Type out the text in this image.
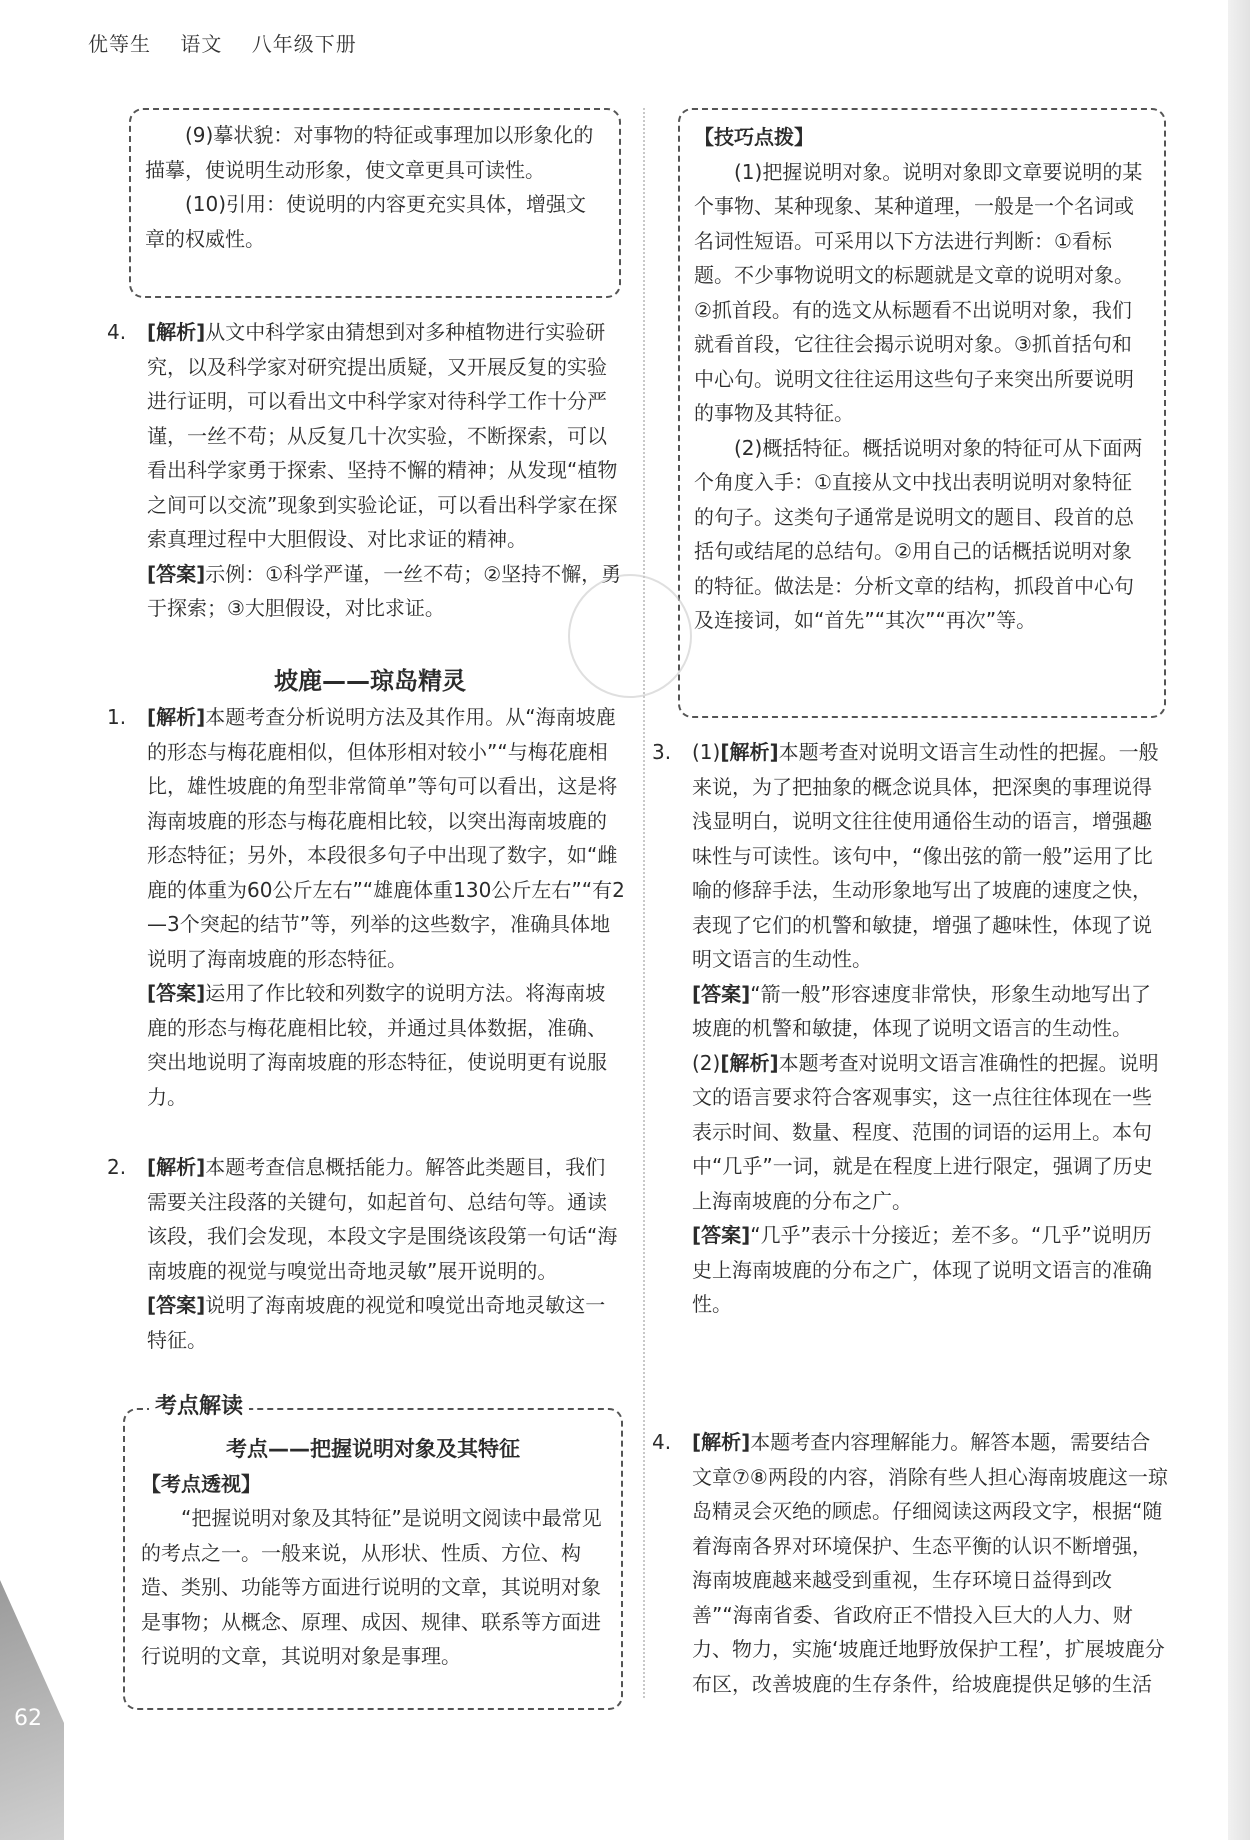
优等生 语文 八年级下册

(9)摹状貌：对事物的特征或事理加以形象化的描摹，使说明生动形象，使文章更具可读性。

(10)引用：使说明的内容更充实具体，增强文章的权威性。

4. [解析]从文中科学家由猜想到对多种植物进行实验研究，以及科学家对研究提出质疑，又开展反复的实验进行证明，可以看出文中科学家对待科学工作十分严谨，一丝不苟；从反复几十次实验，不断探索，可以看出科学家勇于探索、坚持不懈的精神；从发现“植物之间可以交流”现象到实验论证，可以看出科学家在探索真理过程中大胆假设、对比求证的精神。

[答案]示例：①科学严谨，一丝不苟；②坚持不懈，勇于探索；③大胆假设，对比求证。

坡鹿——琼岛精灵
1. [解析]本题考查分析说明方法及其作用。从“海南坡鹿的形态与梅花鹿相似，但体形相对较小”“与梅花鹿相比，雄性坡鹿的角型非常简单”等句可以看出，这是将海南坡鹿的形态与梅花鹿相比较，以突出海南坡鹿的形态特征；另外，本段很多句子中出现了数字，如“雌鹿的体重为60公斤左右”“雄鹿体重130公斤左右”“有2—3个突起的结节”等，列举的这些数字，准确具体地说明了海南坡鹿的形态特征。

[答案]运用了作比较和列数字的说明方法。将海南坡鹿的形态与梅花鹿相比较，并通过具体数据，准确、突出地说明了海南坡鹿的形态特征，使说明更有说服力。

2. [解析]本题考查信息概括能力。解答此类题目，我们需要关注段落的关键句，如起首句、总结句等。通读该段，我们会发现，本段文字是围绕该段第一句话“海南坡鹿的视觉与嗅觉出奇地灵敏”展开说明的。

[答案]说明了海南坡鹿的视觉和嗅觉出奇地灵敏这一特征。

考点——把握说明对象及其特征
【考点透视】

“把握说明对象及其特征”是说明文阅读中最常见的考点之一。一般来说，从形状、性质、方位、构造、类别、功能等方面进行说明的文章，其说明对象是事物；从概念、原理、成因、规律、联系等方面进行说明的文章，其说明对象是事理。

考点解读
【技巧点拨】

(1)把握说明对象。说明对象即文章要说明的某个事物、某种现象、某种道理，一般是一个名词或名词性短语。可采用以下方法进行判断：①看标题。不少事物说明文的标题就是文章的说明对象。②抓首段。有的选文从标题看不出说明对象，我们就看首段，它往往会揭示说明对象。③抓首括句和中心句。说明文往往运用这些句子来突出所要说明的事物及其特征。

(2)概括特征。概括说明对象的特征可从下面两个角度入手：①直接从文中找出表明说明对象特征的句子。这类句子通常是说明文的题目、段首的总括句或结尾的总结句。②用自己的话概括说明对象的特征。做法是：分析文章的结构，抓段首中心句及连接词，如“首先”“其次”“再次”等。

3. (1)[解析]本题考查对说明文语言生动性的把握。一般来说，为了把抽象的概念说具体，把深奥的事理说得浅显明白，说明文往往使用通俗生动的语言，增强趣味性与可读性。该句中，“像出弦的箭一般”运用了比喻的修辞手法，生动形象地写出了坡鹿的速度之快，表现了它们的机警和敏捷，增强了趣味性，体现了说明文语言的生动性。

[答案]“箭一般”形容速度非常快，形象生动地写出了坡鹿的机警和敏捷，体现了说明文语言的生动性。

(2)[解析]本题考查对说明文语言准确性的把握。说明文的语言要求符合客观事实，这一点往往体现在一些表示时间、数量、程度、范围的词语的运用上。本句中“几乎”一词，就是在程度上进行限定，强调了历史上海南坡鹿的分布之广。

[答案]“几乎”表示十分接近；差不多。“几乎”说明历史上海南坡鹿的分布之广，体现了说明文语言的准确性。

4. [解析]本题考查内容理解能力。解答本题，需要结合文章⑦⑧两段的内容，消除有些人担心海南坡鹿这一琼岛精灵会灭绝的顾虑。仔细阅读这两段文字，根据“随着海南各界对环境保护、生态平衡的认识不断增强，海南坡鹿越来越受到重视，生存环境日益得到改善”“海南省委、省政府正不惜投入巨大的人力、财力、物力，实施‘坡鹿迁地野放保护工程’，扩展坡鹿分布区，改善坡鹿的生存条件，给坡鹿提供足够的生活

62
